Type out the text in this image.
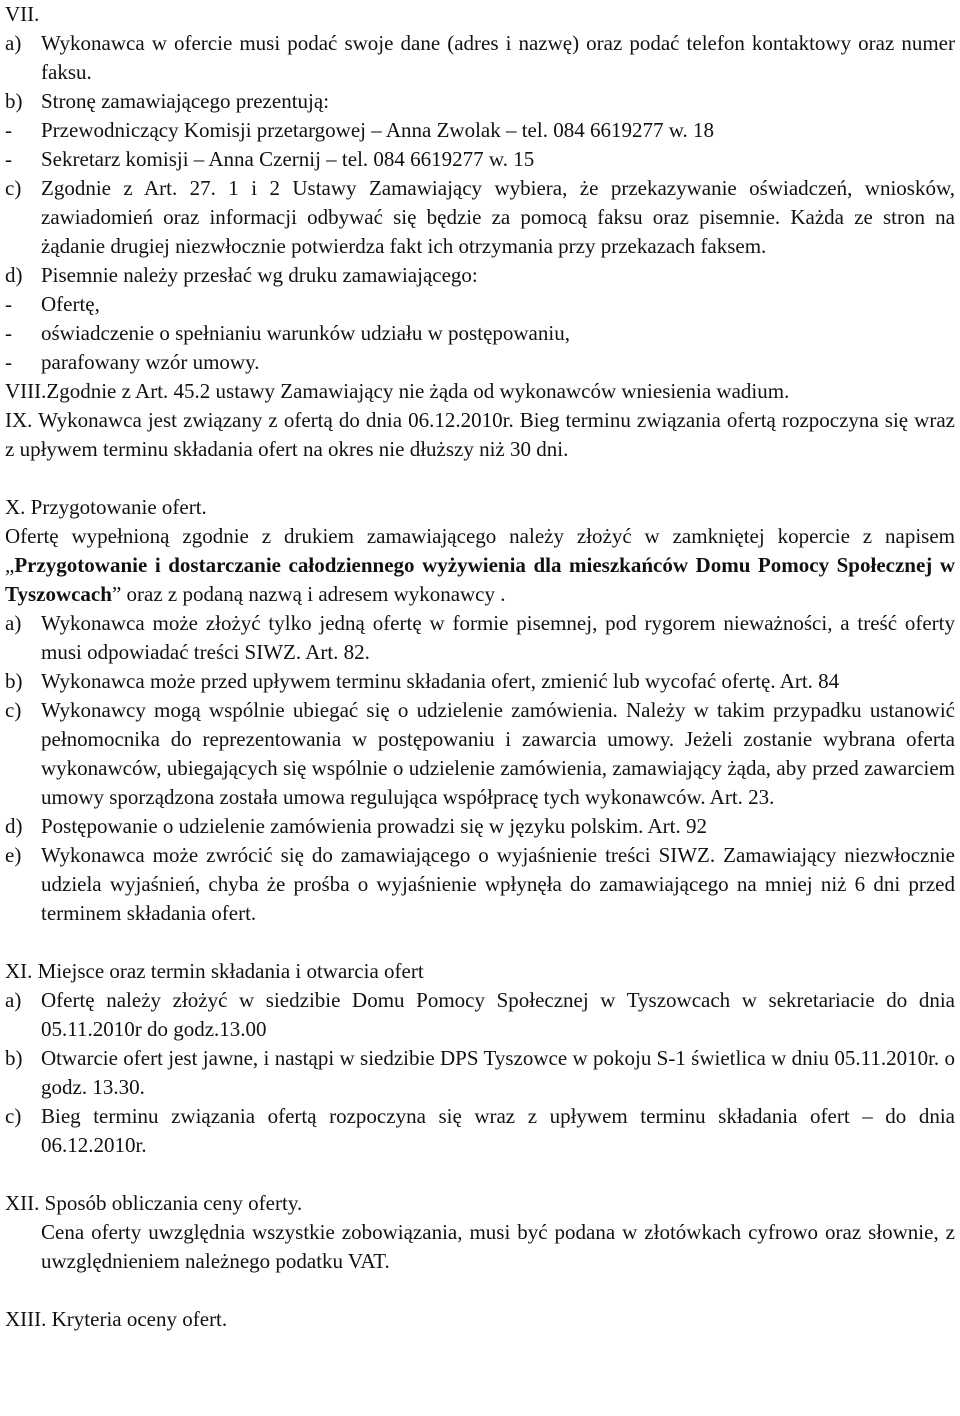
VII.
a) Wykonawca w ofercie musi podać swoje dane (adres i nazwę) oraz podać telefon kontaktowy oraz numer faksu.
b) Stronę zamawiającego prezentują:
-	Przewodniczący Komisji przetargowej – Anna Zwolak – tel. 084 6619277 w. 18
-	Sekretarz komisji – Anna Czernij – tel. 084 6619277 w. 15
c) Zgodnie z Art. 27. 1 i 2 Ustawy Zamawiający wybiera, że przekazywanie oświadczeń, wniosków, zawiadomień oraz informacji odbywać się będzie za pomocą faksu oraz pisemnie. Każda ze stron na żądanie drugiej niezwłocznie potwierdza fakt ich otrzymania przy przekazach faksem.
d) Pisemnie należy przesłać wg druku zamawiającego:
-	Ofertę,
-	oświadczenie o spełnianiu warunków udziału w postępowaniu,
-	parafowany wzór umowy.
VIII.Zgodnie z Art. 45.2 ustawy Zamawiający nie żąda od wykonawców wniesienia wadium.
IX. Wykonawca jest związany z ofertą do dnia 06.12.2010r. Bieg terminu związania ofertą rozpoczyna się wraz z upływem terminu składania ofert na okres nie dłuższy niż 30 dni.
X. Przygotowanie ofert.
Ofertę wypełnioną zgodnie z drukiem zamawiającego należy złożyć w zamkniętej kopercie z napisem „Przygotowanie i dostarczanie całodziennego wyżywienia dla mieszkańców Domu Pomocy Społecznej w Tyszowcach” oraz z podaną nazwą i adresem wykonawcy .
a) Wykonawca może złożyć tylko jedną ofertę w formie pisemnej, pod rygorem nieważności, a treść oferty musi odpowiadać treści SIWZ. Art. 82.
b) Wykonawca może przed upływem terminu składania ofert, zmienić lub wycofać ofertę. Art. 84
c) Wykonawcy mogą wspólnie ubiegać się o udzielenie zamówienia. Należy w takim przypadku ustanowić pełnomocnika do reprezentowania w postępowaniu i zawarcia umowy. Jeżeli zostanie wybrana oferta wykonawców, ubiegających się wspólnie o udzielenie zamówienia, zamawiający żąda, aby przed zawarciem umowy sporządzona została umowa regulująca współpracę tych wykonawców. Art. 23.
d) Postępowanie o udzielenie zamówienia prowadzi się w języku polskim. Art. 92
e) Wykonawca może zwrócić się do zamawiającego o wyjaśnienie treści SIWZ. Zamawiający niezwłocznie udziela wyjaśnień, chyba że prośba o wyjaśnienie wpłynęła do zamawiającego na mniej niż 6 dni przed terminem składania ofert.
XI. Miejsce oraz termin składania i otwarcia ofert
a) Ofertę należy złożyć w siedzibie Domu Pomocy Społecznej w Tyszowcach w sekretariacie do dnia 05.11.2010r do godz.13.00
b) Otwarcie ofert jest jawne, i nastąpi w siedzibie DPS Tyszowce w pokoju S-1 świetlica w dniu 05.11.2010r. o godz. 13.30.
c) Bieg terminu związania ofertą rozpoczyna się wraz z upływem terminu składania ofert – do dnia 06.12.2010r.
XII. Sposób obliczania ceny oferty.
Cena oferty uwzględnia wszystkie zobowiązania, musi być podana w złotówkach cyfrowo oraz słownie, z uwzględnieniem należnego podatku VAT.
XIII. Kryteria oceny ofert.
